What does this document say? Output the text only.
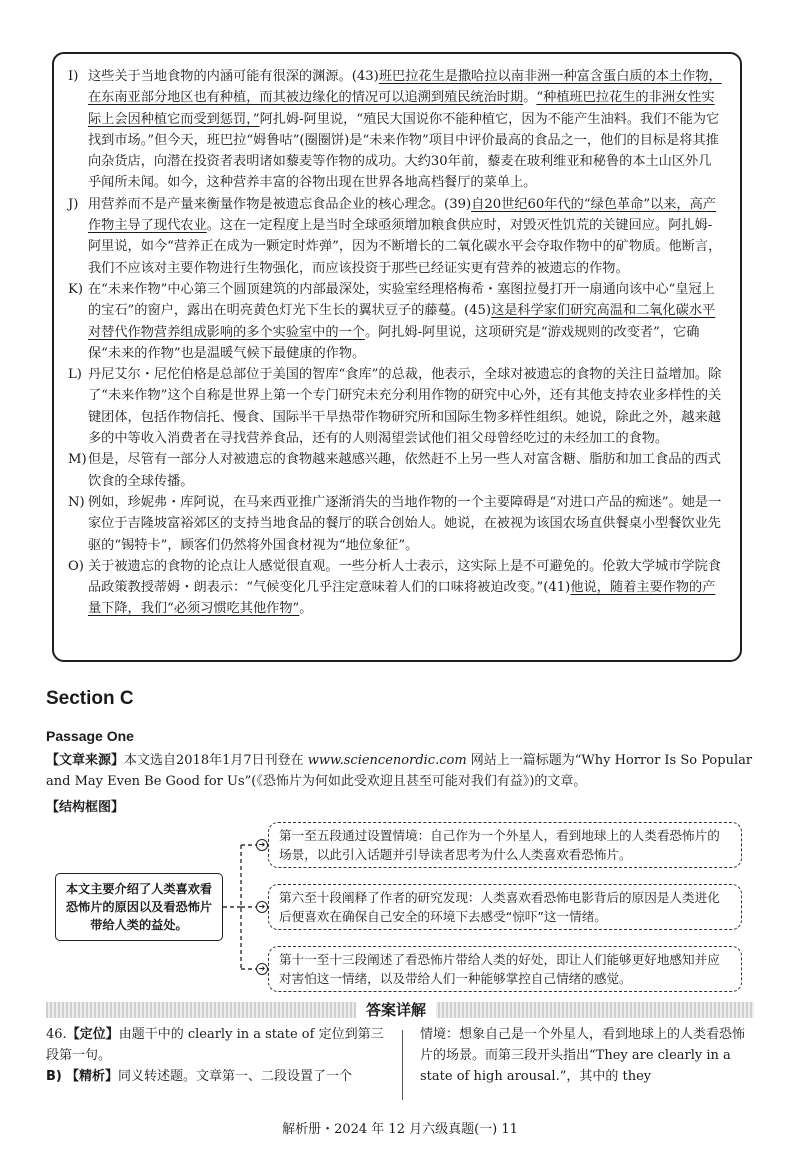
I) 这些关于当地食物的内涵可能有很深的渊源。(43)班巴拉花生是撒哈拉以南非洲一种富含蛋白质的本土作物，在东南亚部分地区也有种植，而其被边缘化的情况可以追溯到殖民统治时期。“种植班巴拉花生的非洲女性实际上会因种植它而受到惩罚，”阿扎姆-阿里说，“殖民大国说你不能种植它，因为不能产生油料。我们不能为它找到市场。”但今天，班巴拉“姆鲁咕”(圈圈饼)是“未来作物”项目中评价最高的食品之一，他们的目标是将其推向杂货店，向潜在投资者表明诸如藜麦等作物的成功。大约30年前，藜麦在玻利维亚和秘鲁的本土山区外几乎闻所未闻。如今，这种营养丰富的谷物出现在世界各地高档餐厅的菜单上。
J) 用营养而不是产量来衡量作物是被遗忘食品企业的核心理念。(39)自20世纪60年代的“绿色革命”以来，高产作物主导了现代农业。这在一定程度上是当时全球亟须增加粮食供应时，对毁灭性饥荒的关键回应。阿扎姆-阿里说，如今“营养正在成为一颗定时炸弹”，因为不断增长的二氧化碳水平会夺取作物中的矿物质。他断言，我们不应该对主要作物进行生物强化，而应该投资于那些已经证实更有营养的被遗忘的作物。
K) 在“未来作物”中心第三个圆顶建筑的内部最深处，实验室经理格梅希・塞图拉曼打开一扇通向该中心“皇冠上的宝石”的窗户，露出在明亮黄色灯光下生长的翼状豆子的藤蔓。(45)这是科学家们研究高温和二氧化碳水平对替代作物营养组成影响的多个实验室中的一个。阿扎姆-阿里说，这项研究是“游戏规则的改变者”，它确保“未来的作物”也是温暖气候下最健康的作物。
L) 丹尼艾尔・尼佗伯格是总部位于美国的智库“食库”的总裁，他表示，全球对被遗忘的食物的关注日益增加。除了“未来作物”这个自称是世界上第一个专门研究未充分利用作物的研究中心外，还有其他支持农业多样性的关键团体，包括作物信托、慢食、国际半干旱热带作物研究所和国际生物多样性组织。她说，除此之外，越来越多的中等收入消费者在寻找营养食品，还有的人则渴望尝试他们祖父母曾经吃过的未经加工的食物。
M) 但是，尽管有一部分人对被遗忘的食物越来越感兴趣，依然赶不上另一些人对富含糖、脂肪和加工食品的西式饮食的全球传播。
N) 例如，珍妮弗・库阿说，在马来西亚推广逐渐消失的当地作物的一个主要障碍是“对进口产品的痴迷”。她是一家位于吉隆坡富裕郊区的支持当地食品的餐厅的联合创始人。她说，在被视为该国农场直供餐桌小型餐饮业先驱的“锡特卡”，顾客们仍然将外国食材视为“地位象征”。
O) 关于被遗忘的食物的论点让人感觉很直观。一些分析人士表示，这实际上是不可避免的。伦敦大学城市学院食品政策教授蒂姆・朗表示：“气候变化几乎注定意味着人们的口味将被迫改变。”(41)他说，随着主要作物的产量下降，我们“必须习惯吃其他作物”。
Section C
Passage One

【文章来源】本文选自2018年1月7日刊登在 www.sciencenordic.com 网站上一篇标题为“Why Horror Is So Popular and May Even Be Good for Us”(《恐怖片为何如此受欢迎且甚至可能对我们有益》)的文章。

【结构框图】

本文主要介绍了人类喜欢看恐怖片的原因以及看恐怖片带给人类的益处。

➜
➜
➜

第一至五段通过设置情境：自己作为一个外星人，看到地球上的人类看恐怖片的场景，以此引入话题并引导读者思考为什么人类喜欢看恐怖片。

第六至十段阐释了作者的研究发现：人类喜欢看恐怖电影背后的原因是人类进化后便喜欢在确保自己安全的环境下去感受“惊吓”这一情绪。

第十一至十三段阐述了看恐怖片带给人类的好处，即让人们能够更好地感知并应对害怕这一情绪，以及带给人们一种能够掌控自己情绪的感觉。

答案详解

46.【定位】由题干中的 clearly in a state of 定位到第三段第一句。
B) 【精析】同义转述题。文章第一、二段设置了一个

情境：想象自己是一个外星人，看到地球上的人类看恐怖片的场景。而第三段开头指出“They are clearly in a state of high arousal.”，其中的 they

解析册・2024 年 12 月六级真题(一) 11
